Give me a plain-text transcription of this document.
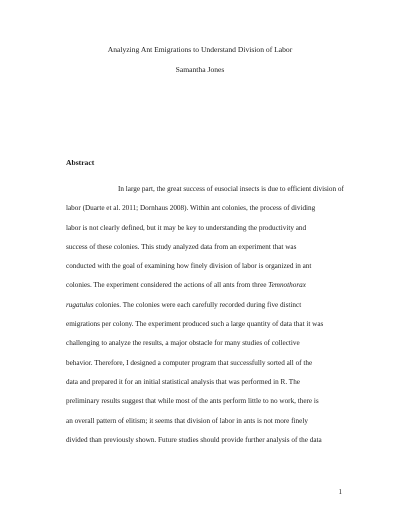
Analyzing Ant Emigrations to Understand Division of Labor
Samantha Jones
Abstract
In large part, the great success of eusocial insects is due to efficient division of
labor (Duarte et al. 2011; Dornhaus 2008). Within ant colonies, the process of dividing
labor is not clearly defined, but it may be key to understanding the productivity and
success of these colonies. This study analyzed data from an experiment that was
conducted with the goal of examining how finely division of labor is organized in ant
colonies. The experiment considered the actions of all ants from three Temnothorax
rugatulus colonies. The colonies were each carefully recorded during five distinct
emigrations per colony. The experiment produced such a large quantity of data that it was
challenging to analyze the results, a major obstacle for many studies of collective
behavior. Therefore, I designed a computer program that successfully sorted all of the
data and prepared it for an initial statistical analysis that was performed in R. The
preliminary results suggest that while most of the ants perform little to no work, there is
an overall pattern of elitism; it seems that division of labor in ants is not more finely
divided than previously shown. Future studies should provide further analysis of the data
1
